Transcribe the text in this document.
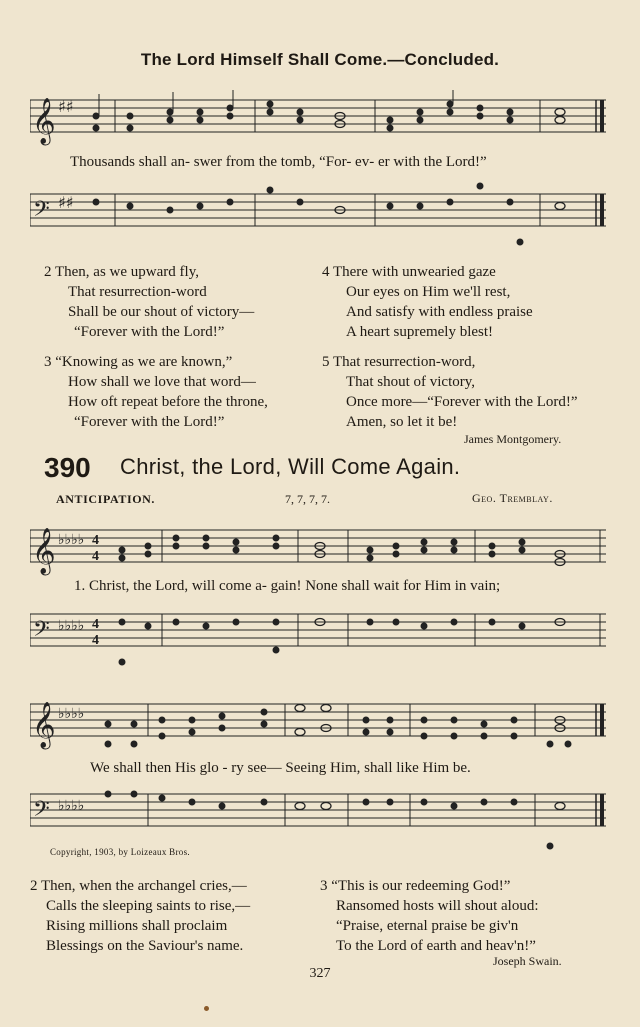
The Lord Himself Shall Come.—Concluded.
𝄞 ♯♯
Thousands shall an- swer from the tomb, “For- ev- er with the Lord!”
𝄢 ♯♯
2 Then, as we upward fly,
That resurrection-word
Shall be our shout of victory—
“Forever with the Lord!”
3 “Knowing as we are known,”
How shall we love that word—
How oft repeat before the throne,
“Forever with the Lord!”
4 There with unwearied gaze
Our eyes on Him we'll rest,
And satisfy with endless praise
A heart supremely blest!
5 That resurrection-word,
That shout of victory,
Once more—“Forever with the Lord!”
Amen, so let it be!
James Montgomery.
390 Christ, the Lord, Will Come Again.
ANTICIPATION.	7, 7, 7, 7.	Geo. Tremblay.
𝄞 ♭♭♭♭ 4
4
1. Christ, the Lord, will come a- gain! None shall wait for Him in vain;
𝄢 ♭♭♭♭ 4
4
𝄞 ♭♭♭♭
We shall then His glo - ry see— Seeing Him, shall like Him be.
𝄢 ♭♭♭♭
Copyright, 1903, by Loizeaux Bros.
2 Then, when the archangel cries,—
Calls the sleeping saints to rise,—
Rising millions shall proclaim
Blessings on the Saviour's name.
3 “This is our redeeming God!”
Ransomed hosts will shout aloud:
“Praise, eternal praise be giv'n
To the Lord of earth and heav'n!”
Joseph Swain.
327
